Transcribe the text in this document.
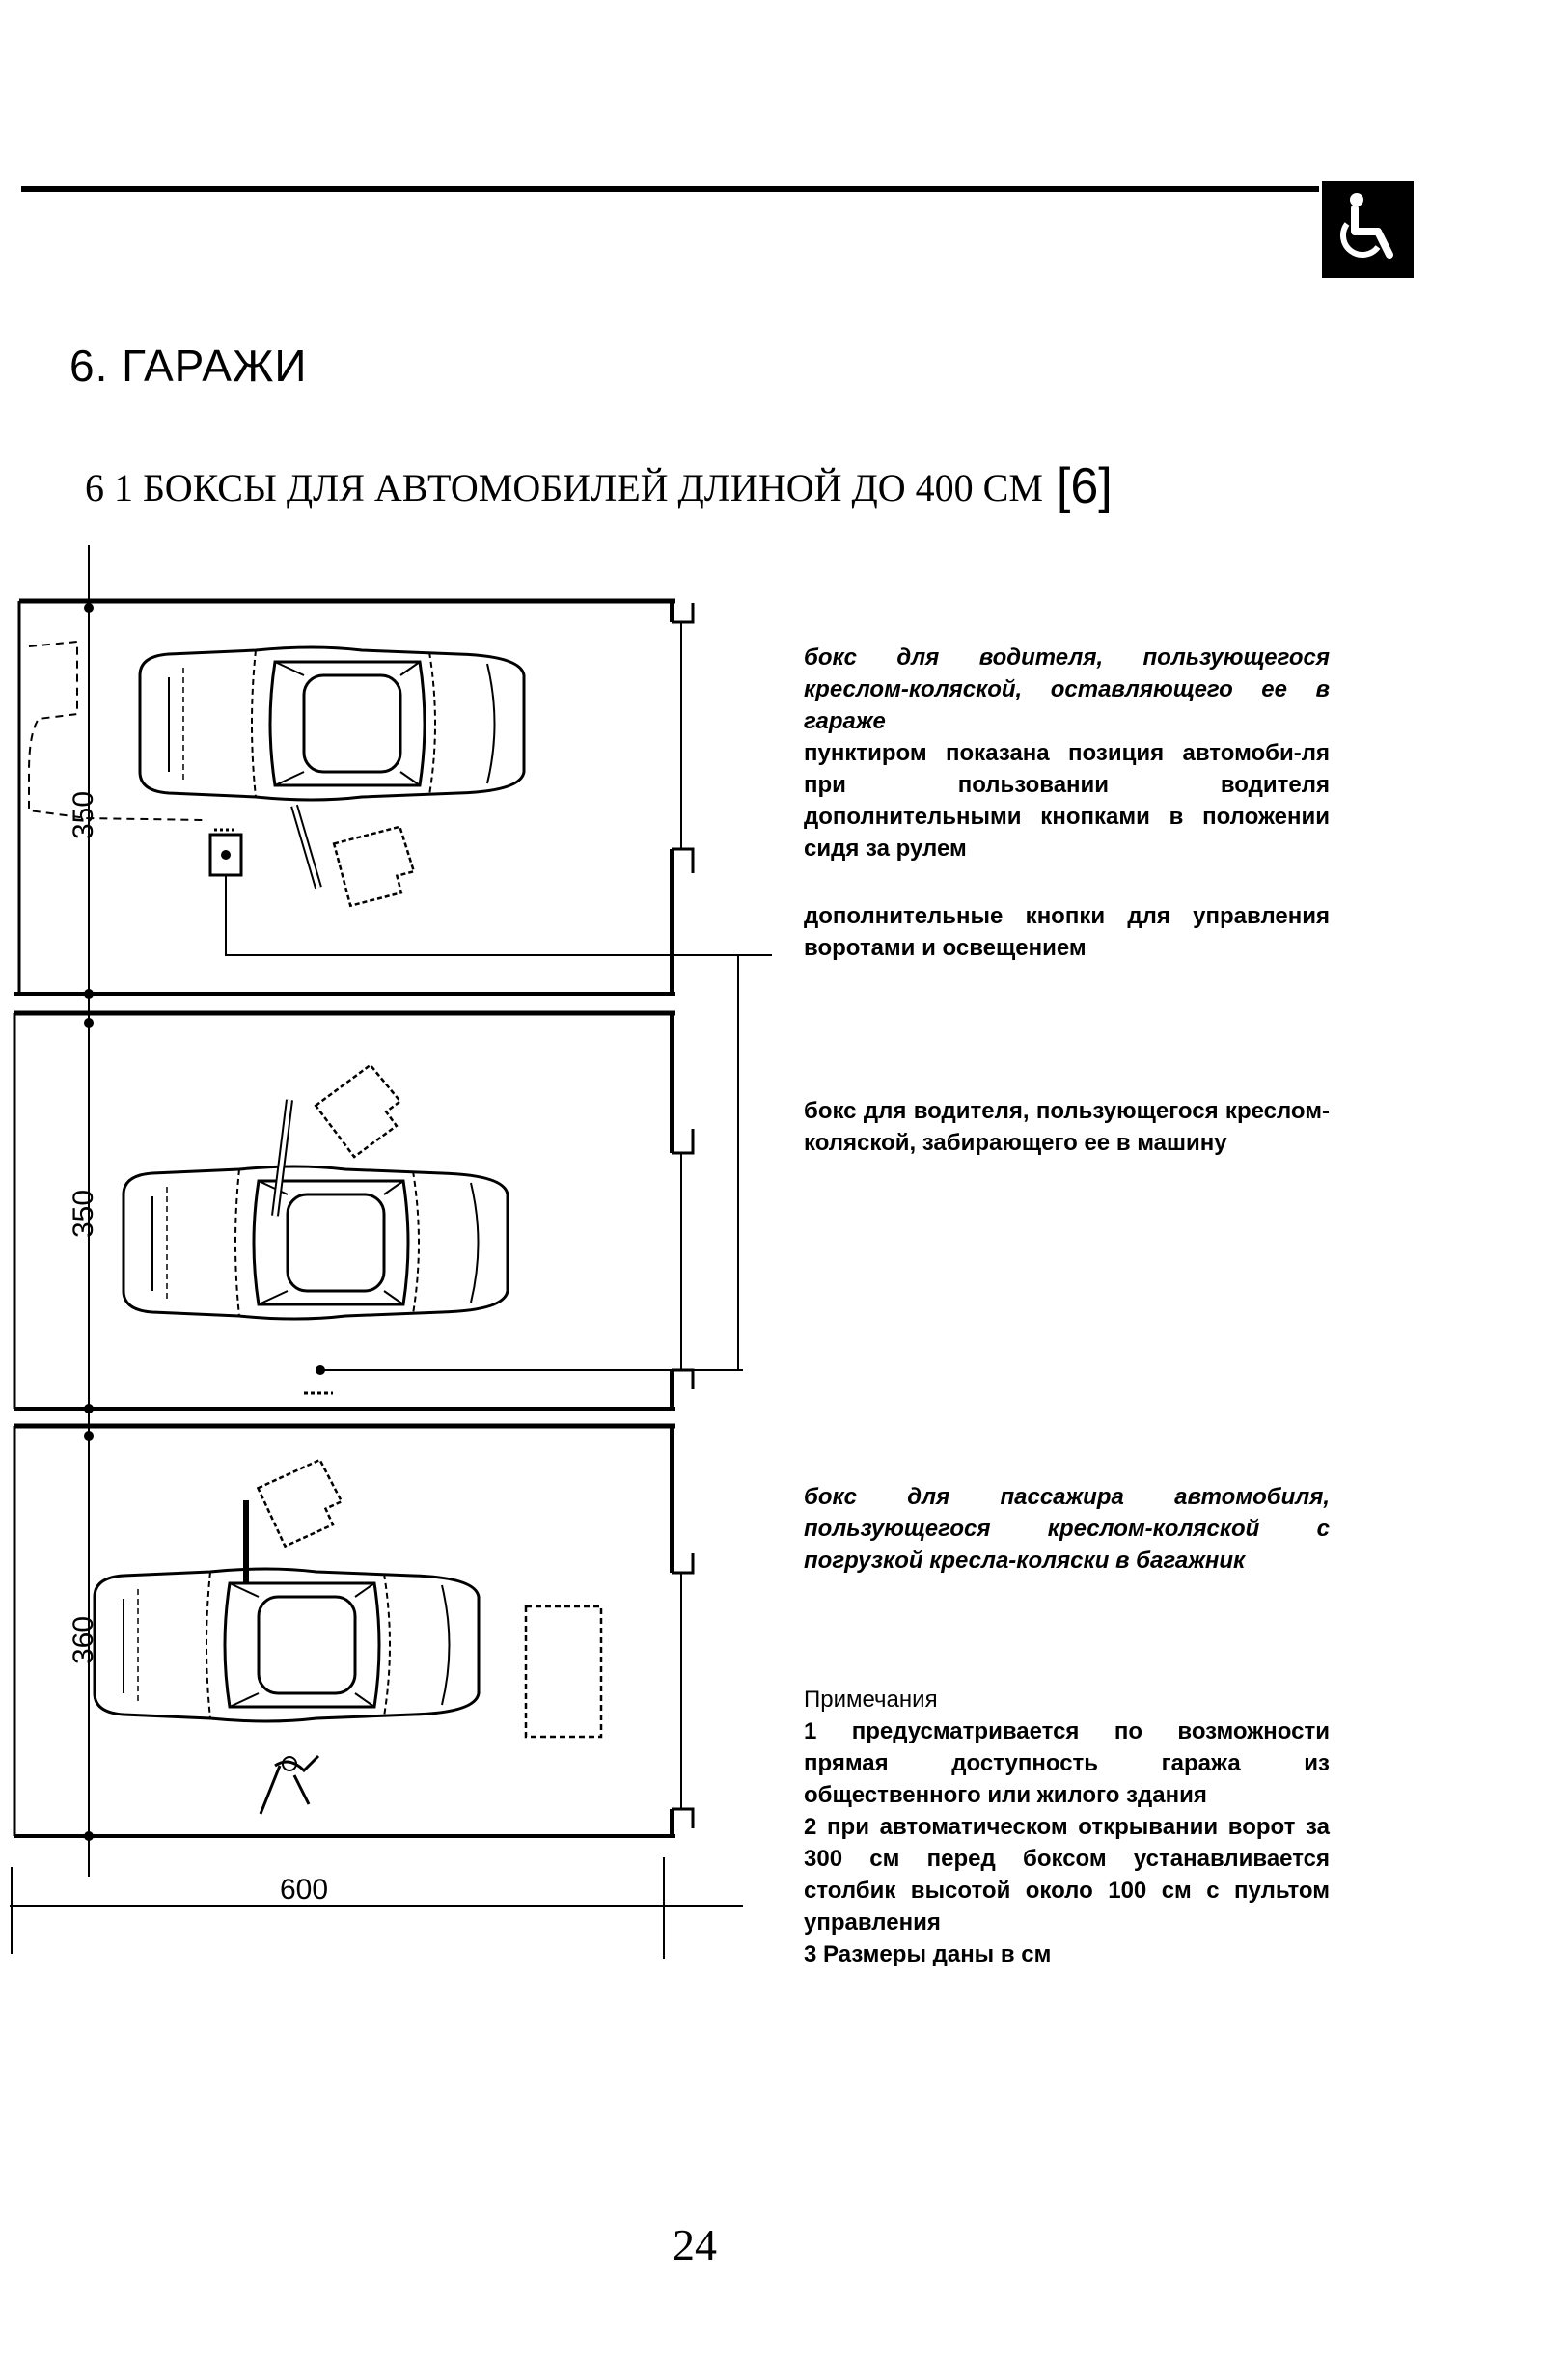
6. ГАРАЖИ
6 1 БОКСЫ ДЛЯ АВТОМОБИЛЕЙ ДЛИНОЙ ДО 400 СМ [6]
350
350
360
600

бокс для водителя, пользующегося креслом-коляской, оставляющего ее в гараже

пунктиром показана позиция автомоби-ля при пользовании водителя дополнительными кнопками в положении сидя за рулем

дополнительные кнопки для управления воротами и освещением
бокс для водителя, пользующегося креслом-коляской, забирающего ее в машину
бокс для пассажира автомобиля, пользующегося креслом-коляской с погрузкой кресла-коляски в багажник

Примечания

1 предусматривается по возможности прямая доступность гаража из общественного или жилого здания

2 при автоматическом открывании ворот за 300 см перед боксом устанавливается столбик высотой около 100 см с пультом управления

3 Размеры даны в см

24
